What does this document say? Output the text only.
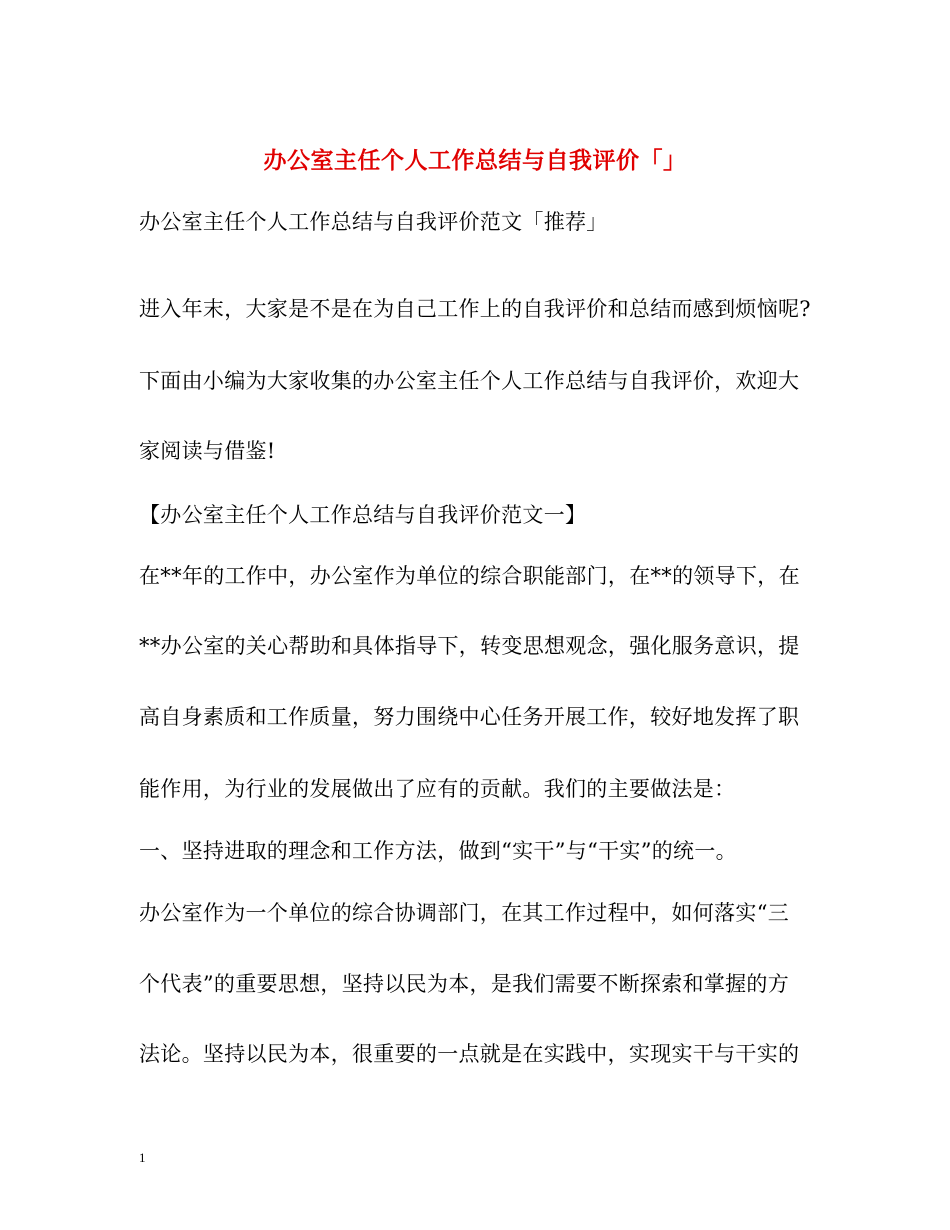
办公室主任个人工作总结与自我评价「」
办公室主任个人工作总结与自我评价范文「推荐」
进入年末，大家是不是在为自己工作上的自我评价和总结而感到烦恼呢?
下面由小编为大家收集的办公室主任个人工作总结与自我评价，欢迎大
家阅读与借鉴!
【办公室主任个人工作总结与自我评价范文一】
在**年的工作中，办公室作为单位的综合职能部门，在**的领导下，在
**办公室的关心帮助和具体指导下，转变思想观念，强化服务意识，提
高自身素质和工作质量，努力围绕中心任务开展工作，较好地发挥了职
能作用，为行业的发展做出了应有的贡献。我们的主要做法是：
一、坚持进取的理念和工作方法，做到“实干”与“干实”的统一。
办公室作为一个单位的综合协调部门，在其工作过程中，如何落实“三
个代表”的重要思想，坚持以民为本，是我们需要不断探索和掌握的方
法论。坚持以民为本，很重要的一点就是在实践中，实现实干与干实的
1
